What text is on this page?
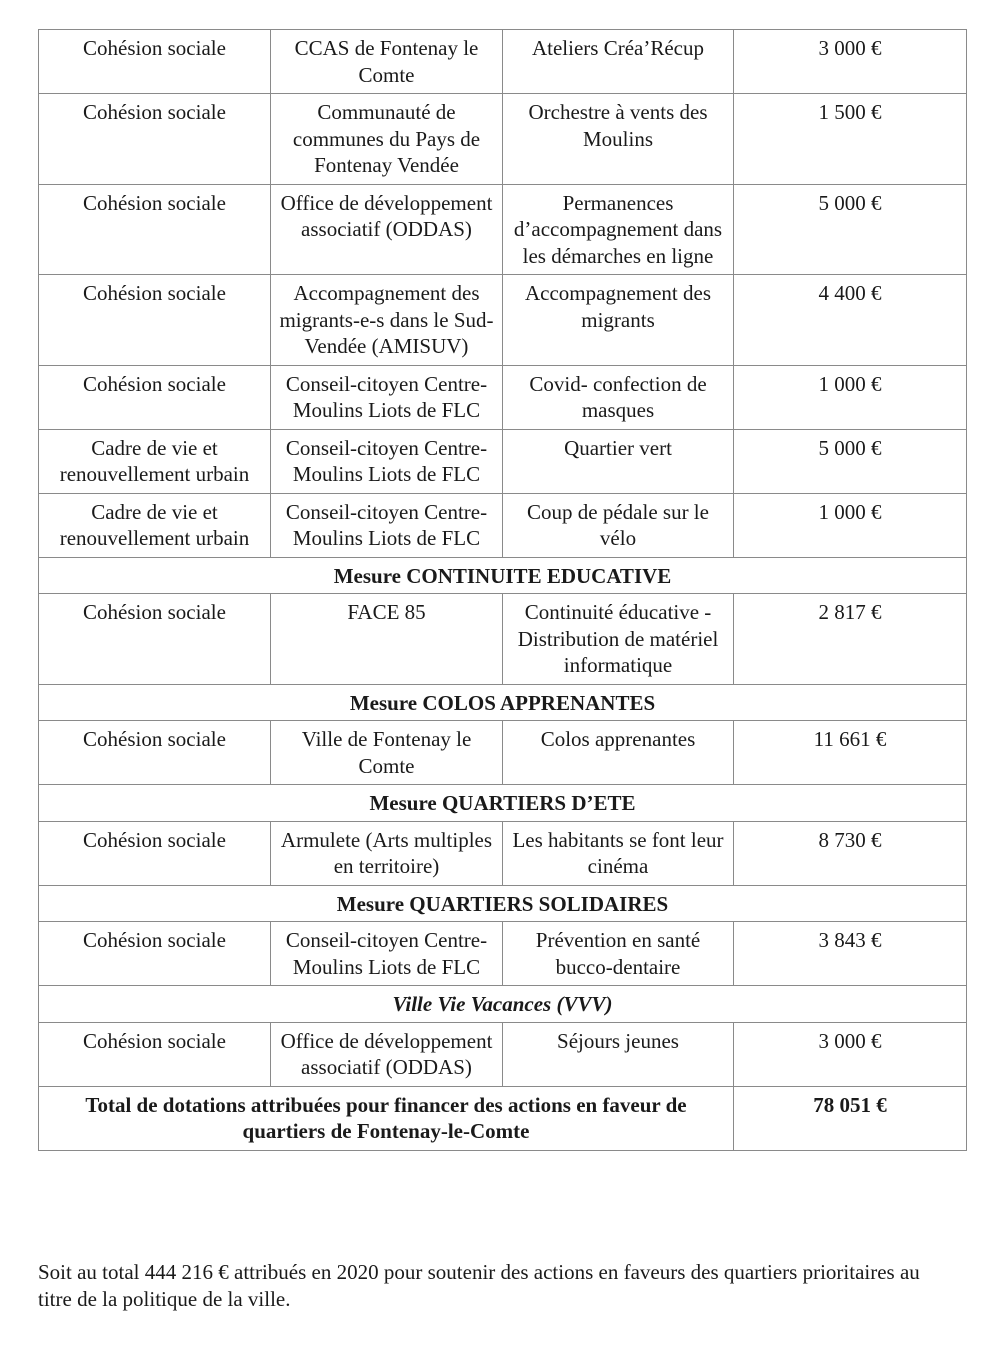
Cohésion sociale	CCAS de Fontenay le Comte	Ateliers Créa’Récup	3 000 €
Cohésion sociale	Communauté de communes du Pays de Fontenay Vendée	Orchestre à vents des Moulins	1 500 €
Cohésion sociale	Office de développement associatif (ODDAS)	Permanences d’accompagnement dans les démarches en ligne	5 000 €
Cohésion sociale	Accompagnement des migrants-e-s dans le Sud-Vendée (AMISUV)	Accompagnement des migrants	4 400 €
Cohésion sociale	Conseil-citoyen Centre-Moulins Liots de FLC	Covid- confection de masques	1 000 €
Cadre de vie et renouvellement urbain	Conseil-citoyen Centre-Moulins Liots de FLC	Quartier vert	5 000 €
Cadre de vie et renouvellement urbain	Conseil-citoyen Centre-Moulins Liots de FLC	Coup de pédale sur le vélo	1 000 €
Mesure CONTINUITE EDUCATIVE			
Cohésion sociale	FACE 85	Continuité éducative - Distribution de matériel informatique	2 817 €
Mesure COLOS APPRENANTES			
Cohésion sociale	Ville de Fontenay le Comte	Colos apprenantes	11 661 €
Mesure QUARTIERS D’ETE			
Cohésion sociale	Armulete (Arts multiples en territoire)	Les habitants se font leur cinéma	8 730 €
Mesure QUARTIERS SOLIDAIRES			
Cohésion sociale	Conseil-citoyen Centre-Moulins Liots de FLC	Prévention en santé bucco-dentaire	3 843 €
Ville Vie Vacances (VVV)			
Cohésion sociale	Office de développement associatif (ODDAS)	Séjours jeunes	3 000 €
Total de dotations attribuées pour financer des actions en faveur de quartiers de Fontenay-le-Comte			78 051 €

Soit au total 444 216 € attribués en 2020 pour soutenir des actions en faveurs des quartiers prioritaires au titre de la politique de la ville.
